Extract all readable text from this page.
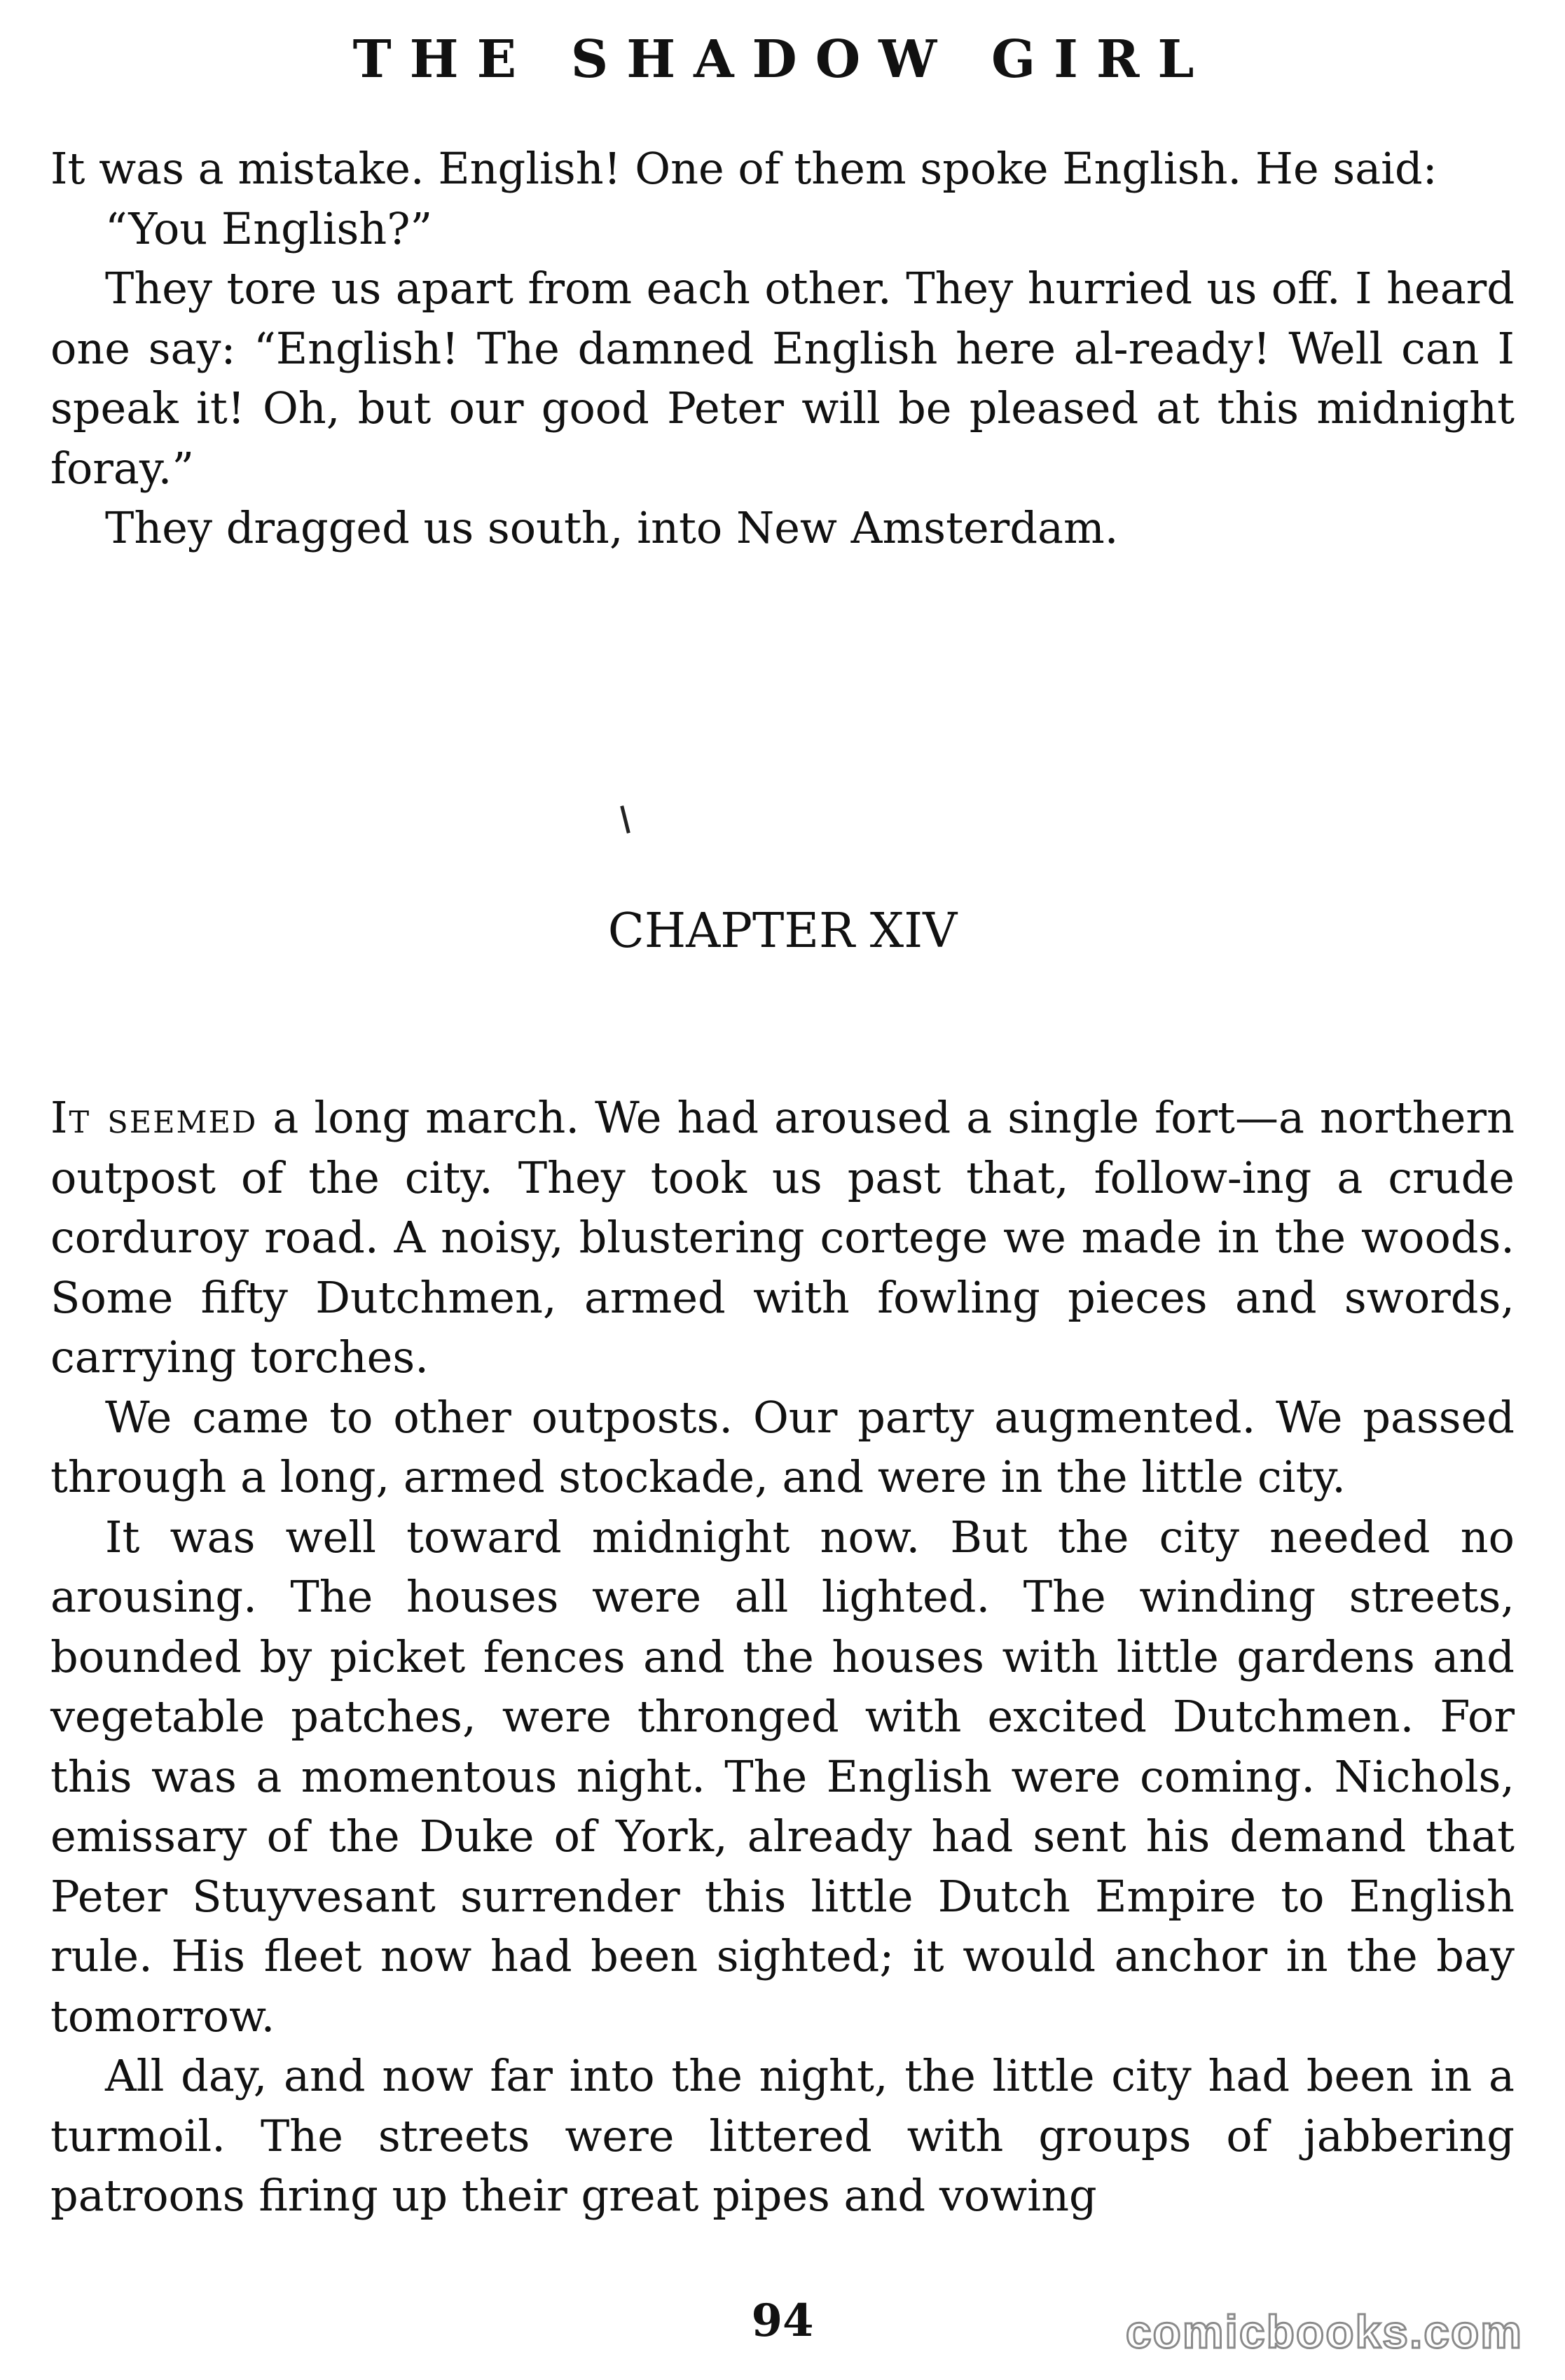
THE SHADOW GIRL

It was a mistake. English! One of them spoke English. He said:

“You English?”

They tore us apart from each other. They hurried us off. I heard one say: “English! The damned English here al-ready! Well can I speak it! Oh, but our good Peter will be pleased at this midnight foray.”

They dragged us south, into New Amsterdam.

CHAPTER XIV

It seemed a long march. We had aroused a single fort—a northern outpost of the city. They took us past that, follow-ing a crude corduroy road. A noisy, blustering cortege we made in the woods. Some fifty Dutchmen, armed with fowling pieces and swords, carrying torches.

We came to other outposts. Our party augmented. We passed through a long, armed stockade, and were in the little city.

It was well toward midnight now. But the city needed no arousing. The houses were all lighted. The winding streets, bounded by picket fences and the houses with little gardens and vegetable patches, were thronged with excited Dutchmen. For this was a momentous night. The English were coming. Nichols, emissary of the Duke of York, already had sent his demand that Peter Stuyvesant surrender this little Dutch Empire to English rule. His fleet now had been sighted; it would anchor in the bay tomorrow.

All day, and now far into the night, the little city had been in a turmoil. The streets were littered with groups of jabbering patroons firing up their great pipes and vowing

94	comicbooks.com
